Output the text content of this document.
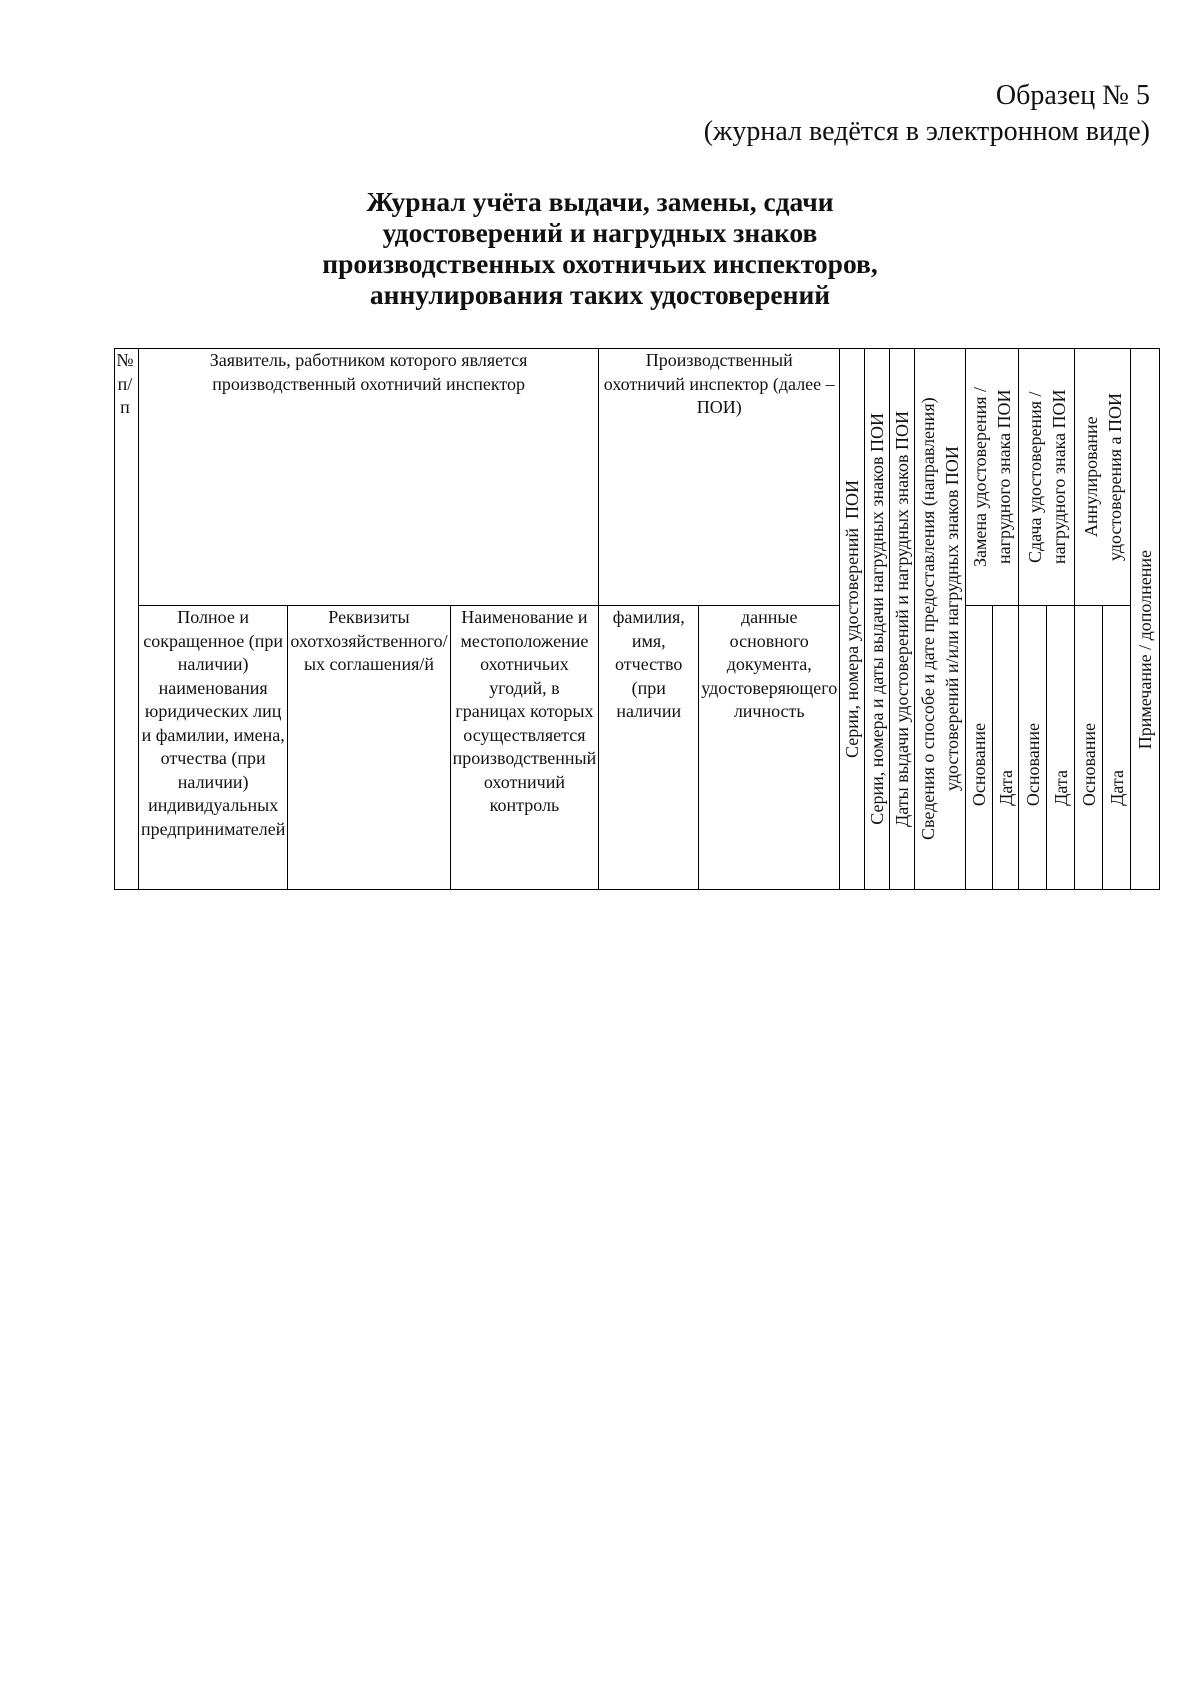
Образец № 5
(журнал ведётся в электронном виде)
Журнал учёта выдачи, замены, сдачи
удостоверений и нагрудных знаков
производственных охотничьих инспекторов,
аннулирования таких удостоверений
№ п/п	Заявитель, работником которого является производственный охотничий инспектор			Производственный охотничий инспектор (далее – ПОИ)		Серии, номера удостоверений  ПОИ	Серии, номера и даты выдачи нагрудных знаков ПОИ	Даты выдачи удостоверений и нагрудных знаков ПОИ	Сведения о способе и дате предоставления (направления) удостоверений и/или нагрудных знаков ПОИ	Замена удостоверения / нагрудного знака ПОИ		Сдача удостоверения / нагрудного знака ПОИ		Аннулирование удостоверения а ПОИ		Примечание / дополнение

	Полное и сокращенное (при наличии) наименования юридических лиц и фамилии, имена, отчества (при наличии) индивидуальных предпринимателей	Реквизиты охотхозяйственного/ых соглашения/й	Наименование и местоположение охотничьих угодий, в границах которых осуществляется производственный охотничий контроль	фамилия, имя, отчество (при наличии	данные основного документа, удостоверяющего личность					Основание	Дата	Основание	Дата	Основание	Дата	
